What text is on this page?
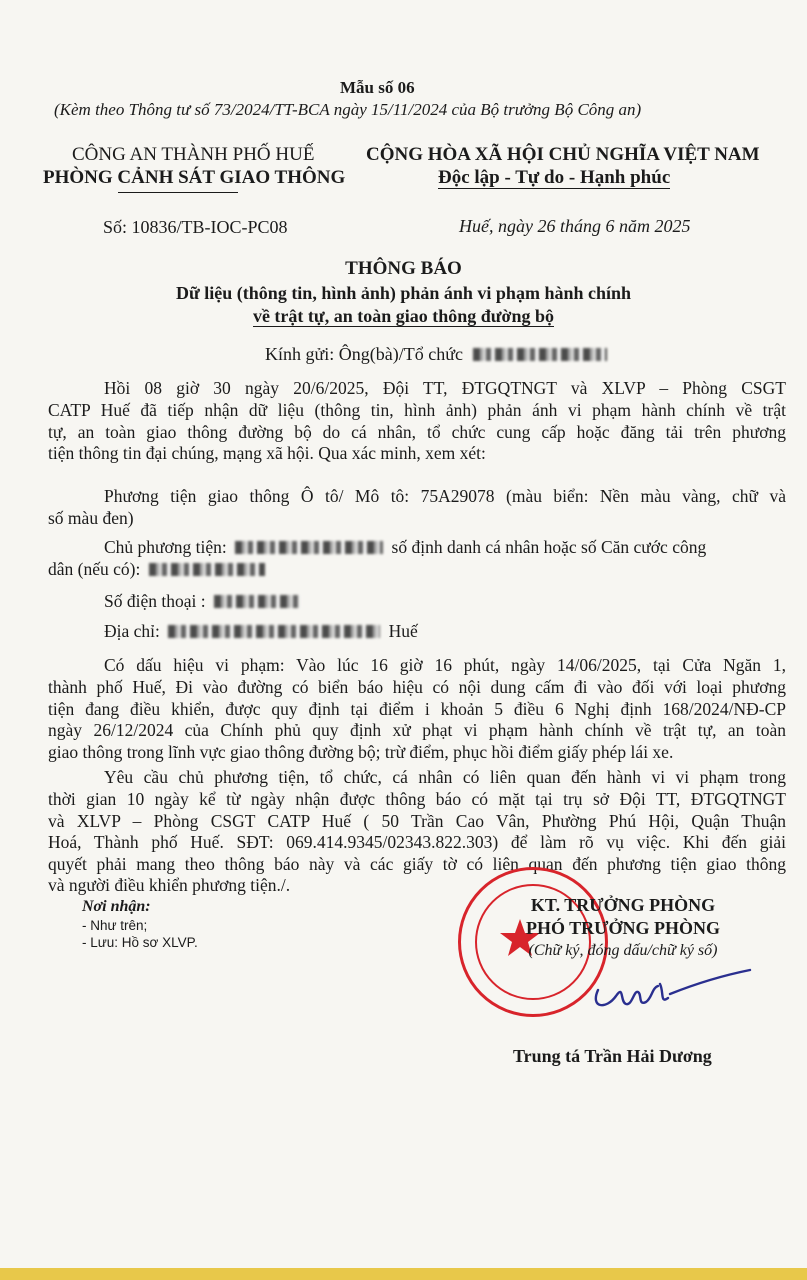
Mẫu số 06
(Kèm theo Thông tư số 73/2024/TT-BCA ngày 15/11/2024 của Bộ trưởng Bộ Công an)
CÔNG AN THÀNH PHỐ HUẾ
PHÒNG CẢNH SÁT GIAO THÔNG
CỘNG HÒA XÃ HỘI CHỦ NGHĨA VIỆT NAM
Độc lập - Tự do - Hạnh phúc
Số: 10836/TB-IOC-PC08	Huế, ngày 26 tháng 6 năm 2025
THÔNG BÁO
Dữ liệu (thông tin, hình ảnh) phản ánh vi phạm hành chính
về trật tự, an toàn giao thông đường bộ
Kính gửi: Ông(bà)/Tổ chức
Hồi 08 giờ 30 ngày 20/6/2025, Đội TT, ĐTGQTNGT và XLVP – Phòng CSGT
CATP Huế đã tiếp nhận dữ liệu (thông tin, hình ảnh) phản ánh vi phạm hành chính về trật
tự, an toàn giao thông đường bộ do cá nhân, tổ chức cung cấp hoặc đăng tải trên phương
tiện thông tin đại chúng, mạng xã hội. Qua xác minh, xem xét:
Phương tiện giao thông Ô tô/ Mô tô: 75A29078 (màu biển: Nền màu vàng, chữ và
số màu đen)
Chủ phương tiện:	số định danh cá nhân hoặc số Căn cước công
dân (nếu có):
Số điện thoại :
Địa chỉ:	Huế
Có dấu hiệu vi phạm: Vào lúc 16 giờ 16 phút, ngày 14/06/2025, tại Cửa Ngăn 1,
thành phố Huế, Đi vào đường có biển báo hiệu có nội dung cấm đi vào đối với loại phương
tiện đang điều khiển, được quy định tại điểm i khoản 5 điều 6 Nghị định 168/2024/NĐ-CP
ngày 26/12/2024 của Chính phủ quy định xử phạt vi phạm hành chính về trật tự, an toàn
giao thông trong lĩnh vực giao thông đường bộ; trừ điểm, phục hồi điểm giấy phép lái xe.
Yêu cầu chủ phương tiện, tổ chức, cá nhân có liên quan đến hành vi vi phạm trong
thời gian 10 ngày kể từ ngày nhận được thông báo có mặt tại trụ sở Đội TT, ĐTGQTNGT
và XLVP – Phòng CSGT CATP Huế ( 50 Trần Cao Vân, Phường Phú Hội, Quận Thuận
Hoá, Thành phố Huế. SĐT: 069.414.9345/02343.822.303) để làm rõ vụ việc. Khi đến giải
quyết phải mang theo thông báo này và các giấy tờ có liên quan đến phương tiện giao thông
và người điều khiển phương tiện./.
Nơi nhận:
- Như trên;
- Lưu: Hồ sơ XLVP.
KT. TRƯỞNG PHÒNG
PHÓ TRƯỞNG PHÒNG
(Chữ ký, đóng dấu/chữ ký số)
Trung tá Trần Hải Dương
